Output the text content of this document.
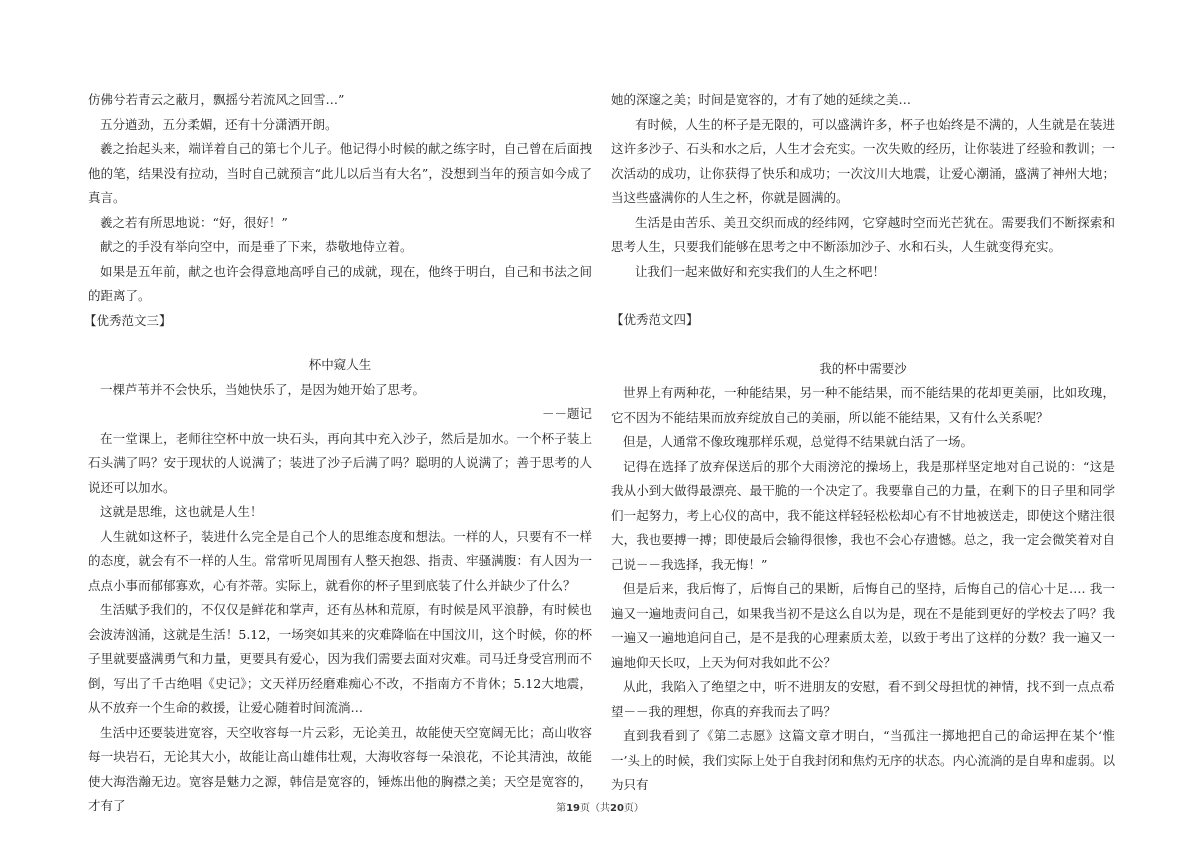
仿佛兮若青云之蔽月，飘摇兮若流风之回雪…”

五分遒劲，五分柔媚，还有十分潇洒开朗。

羲之抬起头来，端详着自己的第七个儿子。他记得小时候的献之练字时，自己曾在后面拽他的笔，结果没有拉动，当时自己就预言“此儿以后当有大名”，没想到当年的预言如今成了真言。

羲之若有所思地说：“好，很好！”

献之的手没有举向空中，而是垂了下来，恭敬地侍立着。

如果是五年前，献之也许会得意地高呼自己的成就，现在，他终于明白，自己和书法之间的距离了。

【优秀范文三】

杯中窥人生

一棵芦苇并不会快乐，当她快乐了，是因为她开始了思考。

－－题记

在一堂课上，老师往空杯中放一块石头，再向其中充入沙子，然后是加水。一个杯子装上石头满了吗？安于现状的人说满了；装进了沙子后满了吗？聪明的人说满了；善于思考的人说还可以加水。

这就是思维，这也就是人生！

人生就如这杯子，装进什么完全是自己个人的思维态度和想法。一样的人，只要有不一样的态度，就会有不一样的人生。常常听见周围有人整天抱怨、指责、牢骚满腹：有人因为一点点小事而郁郁寡欢，心有芥蒂。实际上，就看你的杯子里到底装了什么并缺少了什么？

生活赋予我们的，不仅仅是鲜花和掌声，还有丛林和荒原，有时候是风平浪静，有时候也会波涛汹涌，这就是生活！5.12，一场突如其来的灾难降临在中国汶川，这个时候，你的杯子里就要盛满勇气和力量，更要具有爱心，因为我们需要去面对灾难。司马迁身受宫刑而不倒，写出了千古绝唱《史记》；文天祥历经磨难痴心不改，不指南方不肯休；5.12大地震，从不放弃一个生命的救援，让爱心随着时间流淌…

生活中还要装进宽容，天空收容每一片云彩，无论美丑，故能使天空宽阔无比；高山收容每一块岩石，无论其大小，故能让高山雄伟壮观，大海收容每一朵浪花，不论其清浊，故能使大海浩瀚无边。宽容是魅力之源，韩信是宽容的，锤炼出他的胸襟之美；天空是宽容的，才有了

她的深邃之美；时间是宽容的，才有了她的延续之美…

有时候，人生的杯子是无限的，可以盛满许多，杯子也始终是不满的，人生就是在装进这许多沙子、石头和水之后，人生才会充实。一次失败的经历，让你装进了经验和教训；一次活动的成功，让你获得了快乐和成功；一次汶川大地震，让爱心潮涌，盛满了神州大地；当这些盛满你的人生之杯，你就是圆满的。

生活是由苦乐、美丑交织而成的经纬网，它穿越时空而光芒犹在。需要我们不断探索和思考人生，只要我们能够在思考之中不断添加沙子、水和石头，人生就变得充实。

让我们一起来做好和充实我们的人生之杯吧！

【优秀范文四】

我的杯中需要沙

世界上有两种花，一种能结果，另一种不能结果，而不能结果的花却更美丽，比如玫瑰，它不因为不能结果而放弃绽放自己的美丽，所以能不能结果，又有什么关系呢？

但是，人通常不像玫瑰那样乐观，总觉得不结果就白活了一场。

记得在选择了放弃保送后的那个大雨滂沱的操场上，我是那样坚定地对自己说的：“这是我从小到大做得最漂亮、最干脆的一个决定了。我要靠自己的力量，在剩下的日子里和同学们一起努力，考上心仪的高中，我不能这样轻轻松松却心有不甘地被送走，即使这个赌注很大，我也要搏一搏；即使最后会输得很惨，我也不会心存遗憾。总之，我一定会微笑着对自己说－－我选择，我无悔！”

但是后来，我后悔了，后悔自己的果断，后悔自己的坚持，后悔自己的信心十足…. 我一遍又一遍地责问自己，如果我当初不是这么自以为是，现在不是能到更好的学校去了吗？我一遍又一遍地追问自己，是不是我的心理素质太差，以致于考出了这样的分数？我一遍又一遍地仰天长叹，上天为何对我如此不公？

从此，我陷入了绝望之中，听不进朋友的安慰，看不到父母担忧的神情，找不到一点点希望－－我的理想，你真的弃我而去了吗？

直到我看到了《第二志愿》这篇文章才明白，“当孤注一掷地把自己的命运押在某个‘惟一’头上的时候，我们实际上处于自我封闭和焦灼无序的状态。内心流淌的是自卑和虚弱。以为只有

第19页（共20页）
